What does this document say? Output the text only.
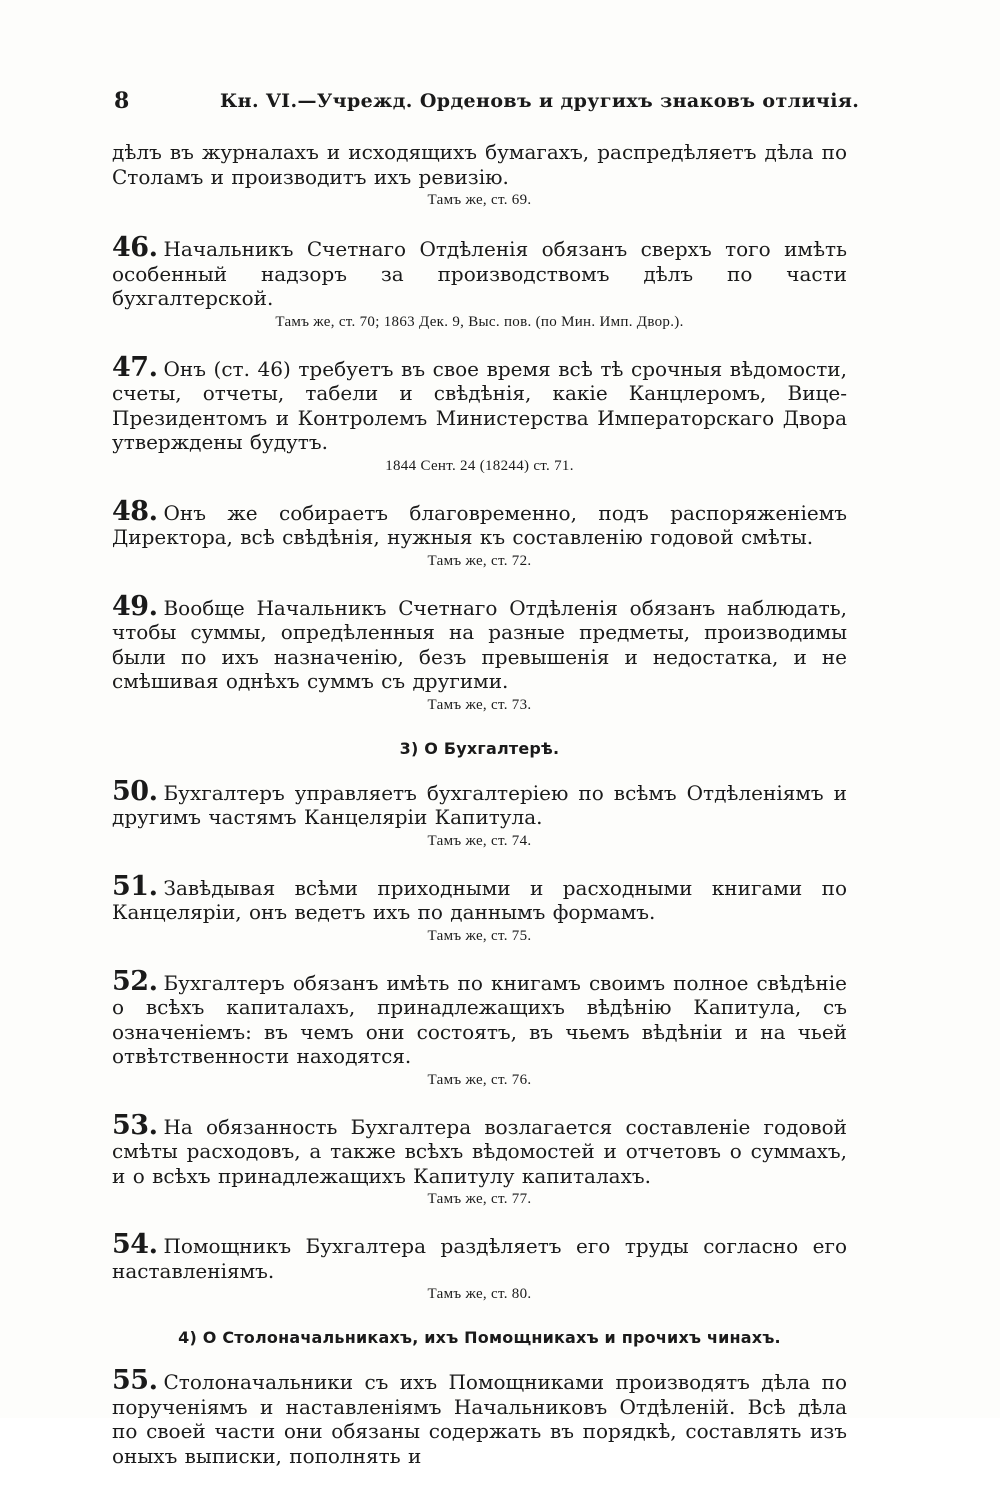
8	Кн. VI.—Учрежд. Орденовъ и другихъ знаковъ отличія.

дѣлъ въ журналахъ и исходящихъ бумагахъ, распредѣляетъ дѣла по Столамъ и производитъ ихъ ревизію.

Тамъ же, ст. 69.

46. Начальникъ Счетнаго Отдѣленія обязанъ сверхъ того имѣть особенный надзоръ за производствомъ дѣлъ по части бухгалтерской.

Тамъ же, ст. 70; 1863 Дек. 9, Выс. пов. (по Мин. Имп. Двор.).

47. Онъ (ст. 46) требуетъ въ свое время всѣ тѣ срочныя вѣдомости, счеты, отчеты, табели и свѣдѣнія, какіе Канцлеромъ, Вице-Президентомъ и Контролемъ Министерства Императорскаго Двора утверждены будутъ.

1844 Сент. 24 (18244) ст. 71.

48. Онъ же собираетъ благовременно, подъ распоряженіемъ Директора, всѣ свѣдѣнія, нужныя къ составленію годовой смѣты.

Тамъ же, ст. 72.

49. Вообще Начальникъ Счетнаго Отдѣленія обязанъ наблюдать, чтобы суммы, опредѣленныя на разные предметы, производимы были по ихъ назначенію, безъ превышенія и недостатка, и не смѣшивая однѣхъ суммъ съ другими.

Тамъ же, ст. 73.

3) О Бухгалтерѣ.

50. Бухгалтеръ управляетъ бухгалтеріею по всѣмъ Отдѣленіямъ и другимъ частямъ Канцеляріи Капитула.

Тамъ же, ст. 74.

51. Завѣдывая всѣми приходными и расходными книгами по Канцеляріи, онъ ведетъ ихъ по даннымъ формамъ.

Тамъ же, ст. 75.

52. Бухгалтеръ обязанъ имѣть по книгамъ своимъ полное свѣдѣніе о всѣхъ капиталахъ, принадлежащихъ вѣдѣнію Капитула, съ означеніемъ: въ чемъ они состоятъ, въ чьемъ вѣдѣніи и на чьей отвѣтственности находятся.

Тамъ же, ст. 76.

53. На обязанность Бухгалтера возлагается составленіе годовой смѣты расходовъ, а также всѣхъ вѣдомостей и отчетовъ о суммахъ, и о всѣхъ принадлежащихъ Капитулу капиталахъ.

Тамъ же, ст. 77.

54. Помощникъ Бухгалтера раздѣляетъ его труды согласно его наставленіямъ.

Тамъ же, ст. 80.

4) О Столоначальникахъ, ихъ Помощникахъ и прочихъ чинахъ.

55. Столоначальники съ ихъ Помощниками производятъ дѣла по порученіямъ и наставленіямъ Начальниковъ Отдѣленій. Всѣ дѣла по своей части они обязаны содержать въ порядкѣ, составлять изъ оныхъ выписки, пополнять и
